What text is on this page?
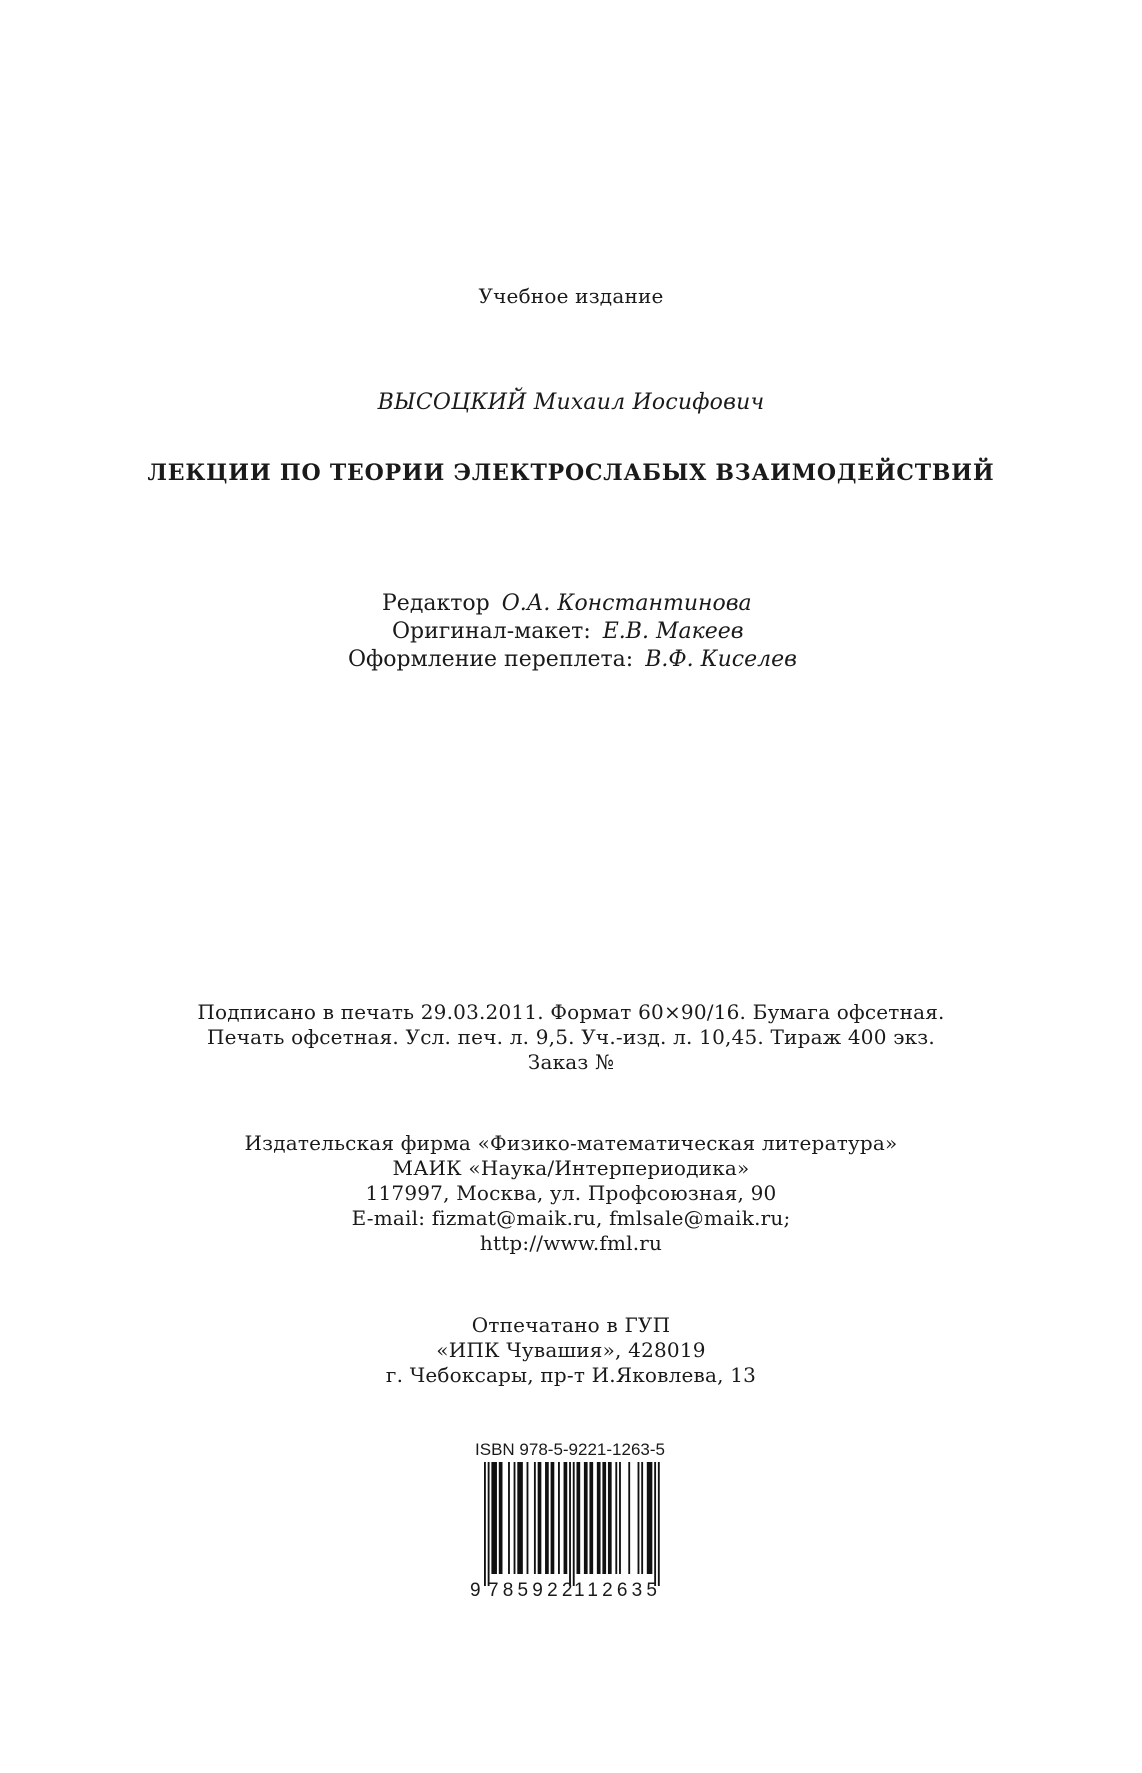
Учебное издание
ВЫСОЦКИЙ Михаил Иосифович
ЛЕКЦИИ ПО ТЕОРИИ ЭЛЕКТРОСЛАБЫХ ВЗАИМОДЕЙСТВИЙ
Редактор О.А. Константинова
Оригинал-макет: Е.В. Макеев
Оформление переплета: В.Ф. Киселев
Подписано в печать 29.03.2011. Формат 60×90/16. Бумага офсетная.
Печать офсетная. Усл. печ. л. 9,5. Уч.-изд. л. 10,45. Тираж 400 экз.
Заказ №
Издательская фирма «Физико-математическая литература»
МАИК «Наука/Интерпериодика»
117997, Москва, ул. Профсоюзная, 90
E-mail: fizmat@maik.ru, fmlsale@maik.ru;
http://www.fml.ru
Отпечатано в ГУП
«ИПК Чувашия», 428019
г. Чебоксары, пр-т И.Яковлева, 13
ISBN 978-5-9221-1263-5
9 785922
112635
